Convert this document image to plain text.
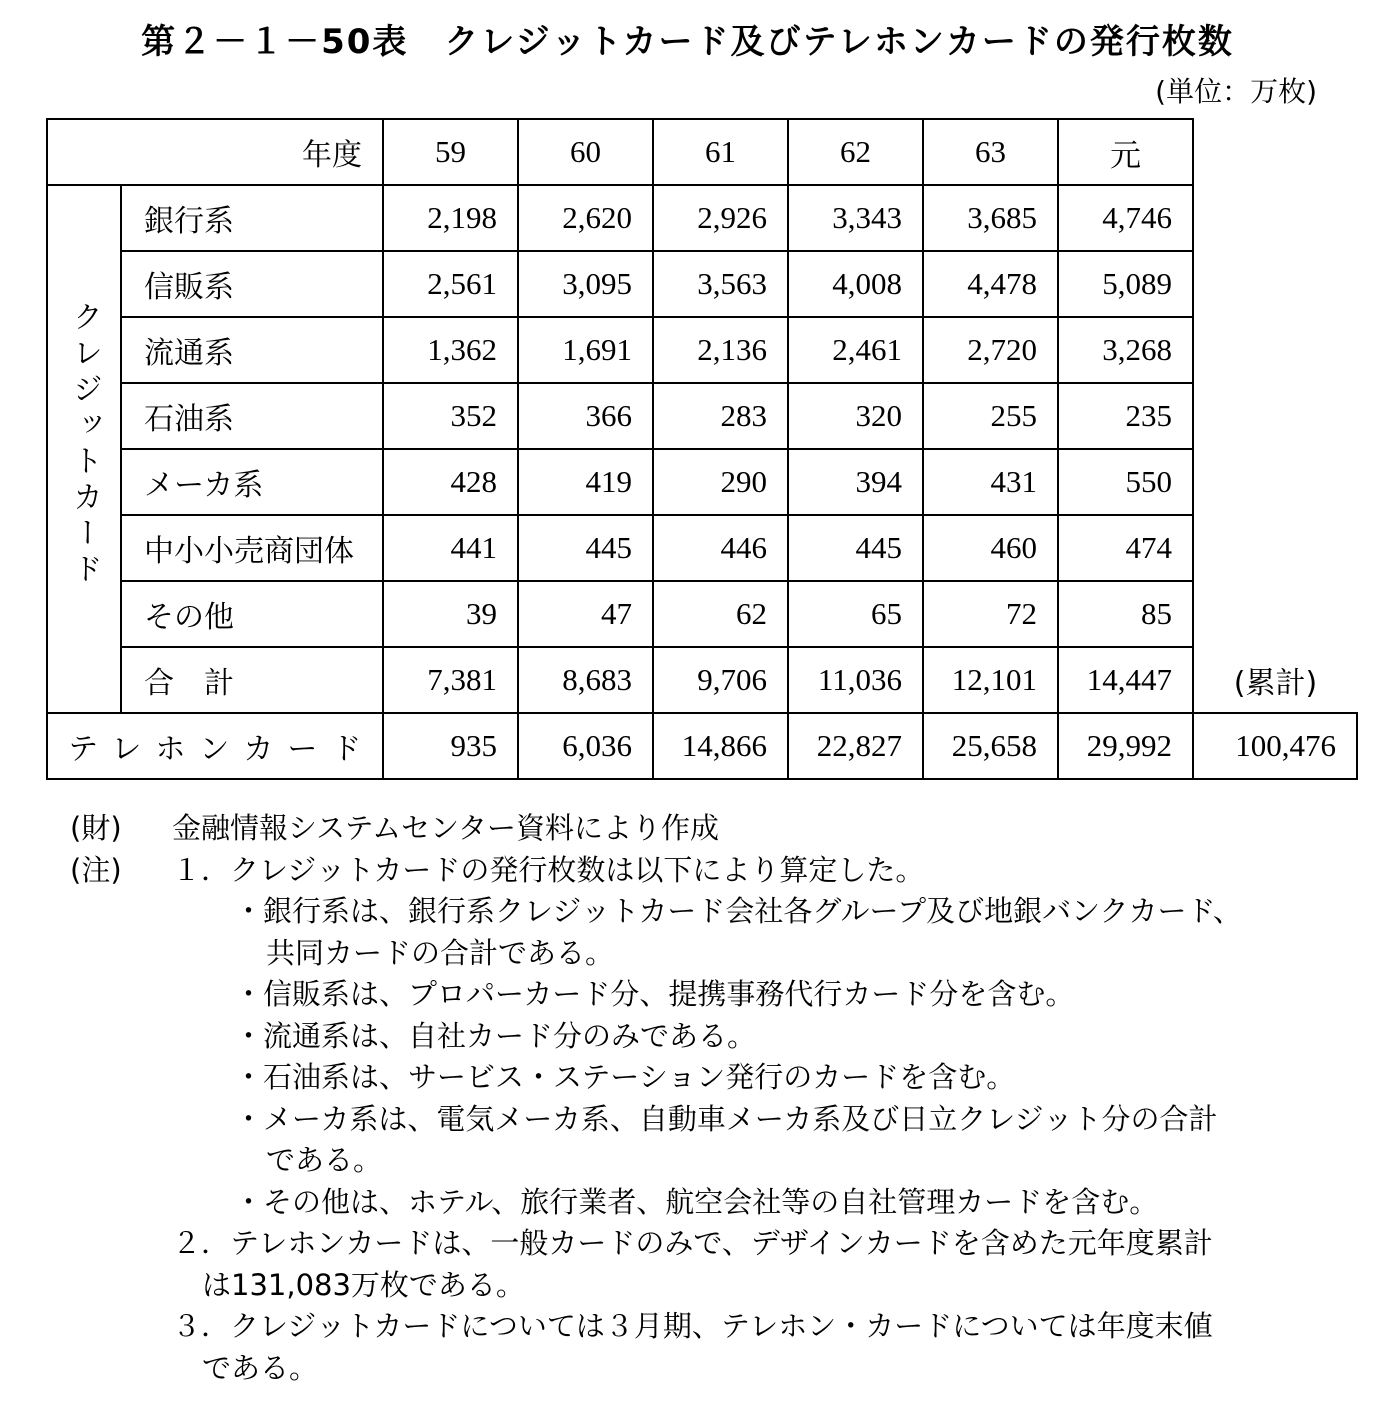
第２－１－50表　クレジットカード及びテレホンカードの発行枚数
(単位：万枚)
年度		59	60	61	62	63	元	
クレジットカード	銀行系	2,198	2,620	2,926	3,343	3,685	4,746	
	信販系	2,561	3,095	3,563	4,008	4,478	5,089	
	流通系	1,362	1,691	2,136	2,461	2,720	3,268	
	石油系	352	366	283	320	255	235	
	メーカ系	428	419	290	394	431	550	
	中小小売商団体	441	445	446	445	460	474	
	その他	39	47	62	65	72	85	
	合　計	7,381	8,683	9,706	11,036	12,101	14,447	(累計)
テレホンカード		935	6,036	14,866	22,827	25,658	29,992	100,476
(財) 金融情報システムセンター資料により作成
(注) １．クレジットカードの発行枚数は以下により算定した。
・銀行系は、銀行系クレジットカード会社各グループ及び地銀バンクカード、
共同カードの合計である。
・信販系は、プロパーカード分、提携事務代行カード分を含む。
・流通系は、自社カード分のみである。
・石油系は、サービス・ステーション発行のカードを含む。
・メーカ系は、電気メーカ系、自動車メーカ系及び日立クレジット分の合計
である。
・その他は、ホテル、旅行業者、航空会社等の自社管理カードを含む。
２．テレホンカードは、一般カードのみで、デザインカードを含めた元年度累計
は131,083万枚である。
３．クレジットカードについては３月期、テレホン・カードについては年度末値
である。
